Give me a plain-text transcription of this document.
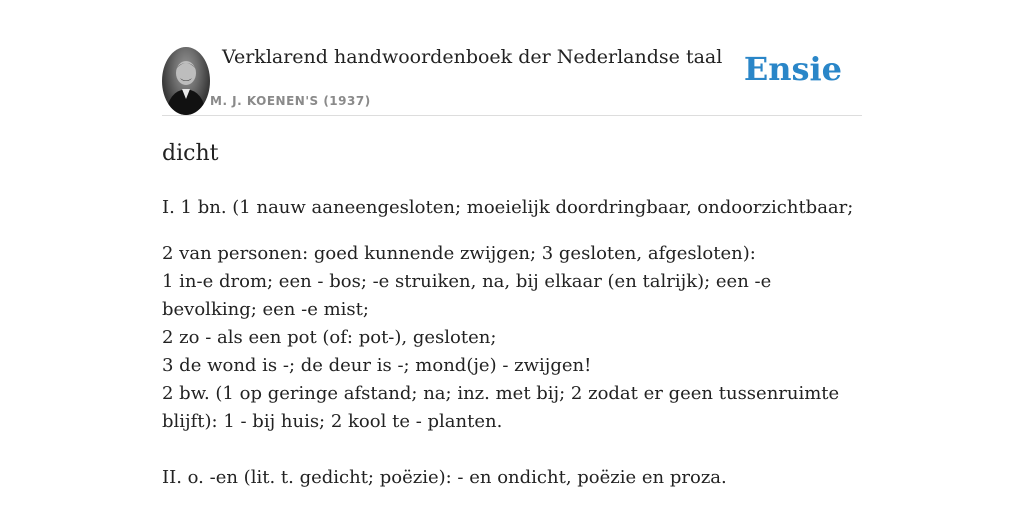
Verklarend handwoordenboek der Nederlandse taal
M. J. KOENEN'S (1937)
Ensie
dicht

I. 1 bn. (1 nauw aaneengesloten; moeielijk doordringbaar, ondoorzichtbaar;

2 van personen: goed kunnende zwijgen; 3 gesloten, afgesloten):
1 in-e drom; een - bos; -e struiken, na, bij elkaar (en talrijk); een -e bevolking; een -e mist;
2 zo - als een pot (of: pot-), gesloten;
3 de wond is -; de deur is -; mond(je) - zwijgen!
2 bw. (1 op geringe afstand; na; inz. met bij; 2 zodat er geen tussenruimte blijft): 1 - bij huis; 2 kool te - planten.

II. o. -en (lit. t. gedicht; poëzie): - en ondicht, poëzie en proza.
